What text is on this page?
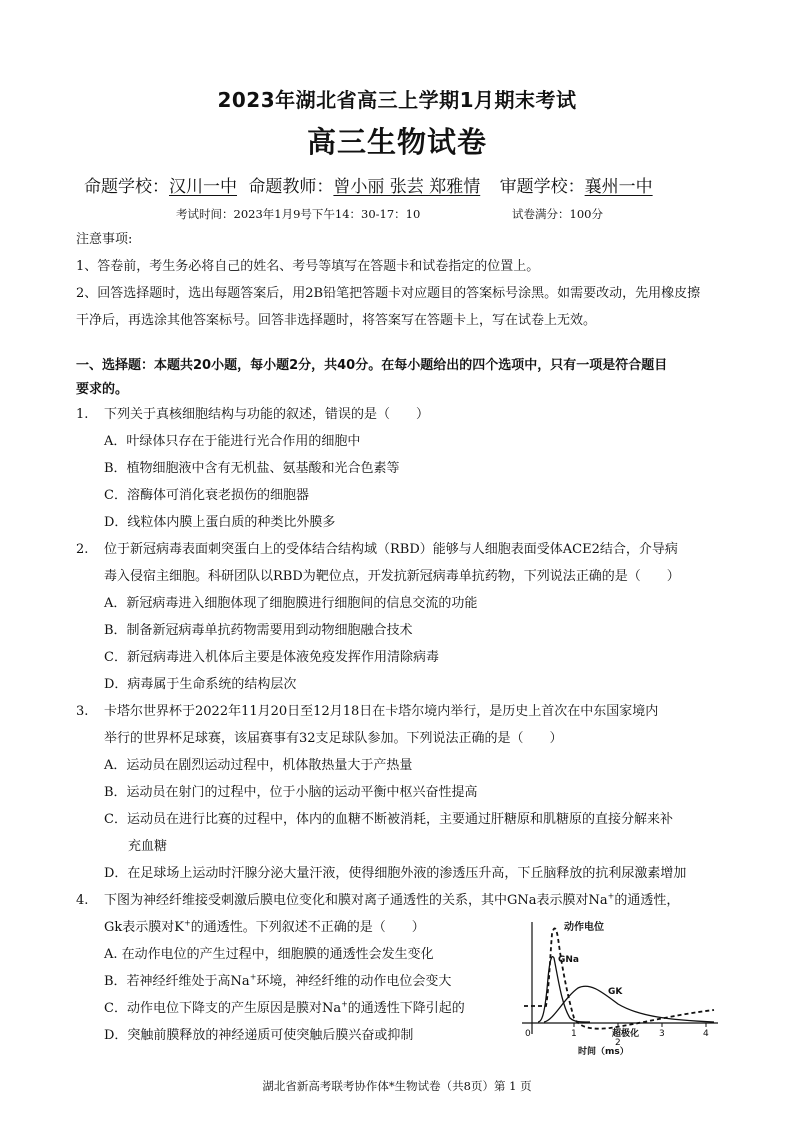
2023年湖北省高三上学期1月期末考试
高三生物试卷
命题学校：汉川一中 命题教师：曾小丽 张芸 郑雅情 审题学校：襄州一中
考试时间：2023年1月9号下午14：30-17：10	试卷满分：100分
注意事项:
1、答卷前，考生务必将自己的姓名、考号等填写在答题卡和试卷指定的位置上。
2、回答选择题时，选出每题答案后，用2B铅笔把答题卡对应题目的答案标号涂黑。如需要改动，先用橡皮擦
干净后，再选涂其他答案标号。回答非选择题时，将答案写在答题卡上，写在试卷上无效。
一、选择题：本题共20小题，每小题2分，共40分。在每小题给出的四个选项中，只有一项是符合题目
要求的。
1. 下列关于真核细胞结构与功能的叙述，错误的是（　　）
A．叶绿体只存在于能进行光合作用的细胞中
B．植物细胞液中含有无机盐、氨基酸和光合色素等
C．溶酶体可消化衰老损伤的细胞器
D．线粒体内膜上蛋白质的种类比外膜多
2. 位于新冠病毒表面刺突蛋白上的受体结合结构域（RBD）能够与人细胞表面受体ACE2结合，介导病
毒入侵宿主细胞。科研团队以RBD为靶位点，开发抗新冠病毒单抗药物，下列说法正确的是（　　）
A．新冠病毒进入细胞体现了细胞膜进行细胞间的信息交流的功能
B．制备新冠病毒单抗药物需要用到动物细胞融合技术
C．新冠病毒进入机体后主要是体液免疫发挥作用清除病毒
D．病毒属于生命系统的结构层次
3. 卡塔尔世界杯于2022年11月20日至12月18日在卡塔尔境内举行，是历史上首次在中东国家境内
举行的世界杯足球赛，该届赛事有32支足球队参加。下列说法正确的是（　　）
A．运动员在剧烈运动过程中，机体散热量大于产热量
B．运动员在射门的过程中，位于小脑的运动平衡中枢兴奋性提高
C．运动员在进行比赛的过程中，体内的血糖不断被消耗，主要通过肝糖原和肌糖原的直接分解来补
充血糖
D．在足球场上运动时汗腺分泌大量汗液，使得细胞外液的渗透压升高，下丘脑释放的抗利尿激素增加
4. 下图为神经纤维接受刺激后膜电位变化和膜对离子通透性的关系，其中GNa表示膜对Na+的通透性，
Gk表示膜对K+的通透性。下列叙述不正确的是（　　）
A. 在动作电位的产生过程中，细胞膜的通透性会发生变化
B．若神经纤维处于高Na+环境，神经纤维的动作电位会变大
C．动作电位下降支的产生原因是膜对Na+的通透性下降引起的
D．突触前膜释放的神经递质可使突触后膜兴奋或抑制
动作电位
GNa
GK
超极化
0	1
2
3	4
时间（ms）
湖北省新高考联考协作体*生物试卷（共8页）第 1 页
